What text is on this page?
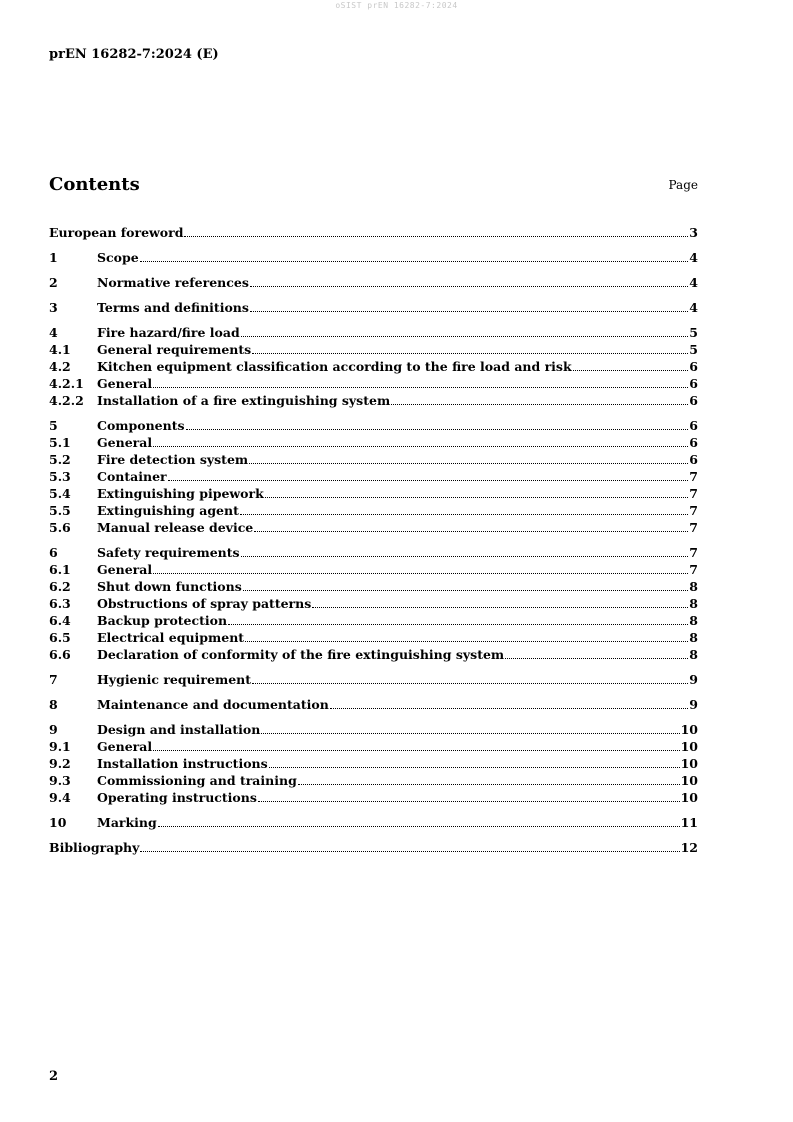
oSIST prEN 16282-7:2024
prEN 16282-7:2024 (E)
Contents	Page
European foreword	3
1	Scope	4
2	Normative references	4
3	Terms and definitions	4
4	Fire hazard/fire load	5
4.1	General requirements	5
4.2	Kitchen equipment classification according to the fire load and risk	6
4.2.1	General	6
4.2.2	Installation of a fire extinguishing system	6
5	Components	6
5.1	General	6
5.2	Fire detection system	6
5.3	Container	7
5.4	Extinguishing pipework	7
5.5	Extinguishing agent	7
5.6	Manual release device	7
6	Safety requirements	7
6.1	General	7
6.2	Shut down functions	8
6.3	Obstructions of spray patterns	8
6.4	Backup protection	8
6.5	Electrical equipment	8
6.6	Declaration of conformity of the fire extinguishing system	8
7	Hygienic requirement	9
8	Maintenance and documentation	9
9	Design and installation	10
9.1	General	10
9.2	Installation instructions	10
9.3	Commissioning and training	10
9.4	Operating instructions	10
10	Marking	11
Bibliography	12
2
